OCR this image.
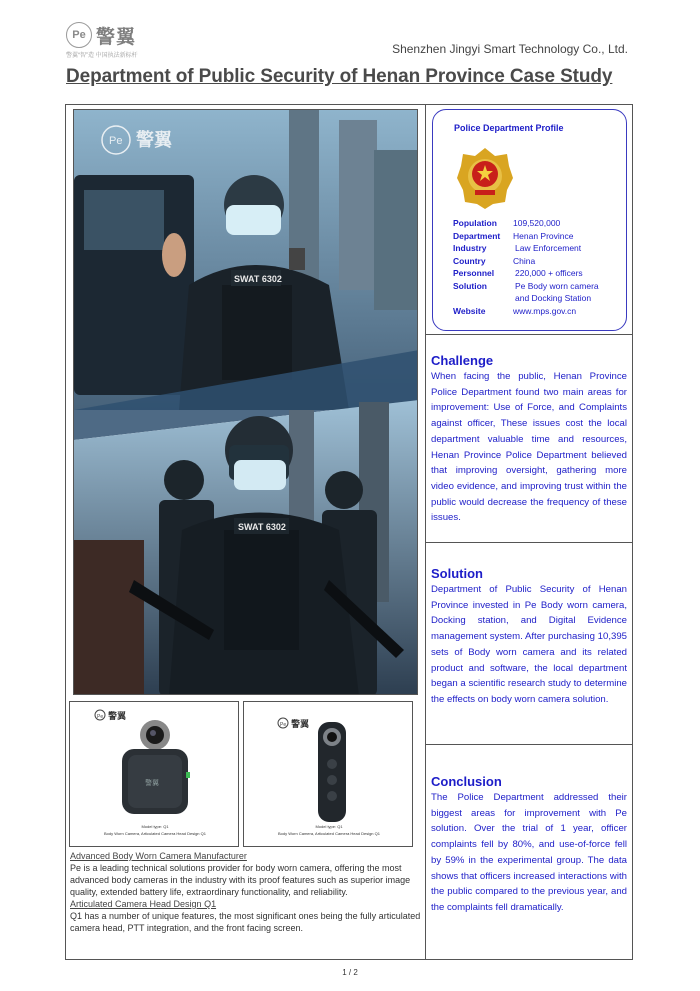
Pe 警翼
警翼“智”造 中国执法新标杆	Shenzhen Jingyi Smart Technology Co., Ltd.
Department of Public Security of Henan Province Case Study
SWAT 6302
Pe 警翼
SWAT 6302
Pe 警翼
警翼
Model type: Q1
Body Worn Camera, Articulated Camera Head Design Q1
Pe 警翼
Model type: Q1
Body Worn Camera, Articulated Camera Head Design Q1
Advanced Body Worn Camera Manufacturer
Pe is a leading technical solutions provider for body worn camera, offering the most advanced body cameras in the industry with its proof features such as superior image quality, extended battery life, extraordinary functionality, and reliability.
Articulated Camera Head Design Q1
Q1 has a number of unique features, the most significant ones being the fully articulated camera head, PTT integration, and the front facing screen.
Police Department Profile
Population 109,520,000
Department Henan Province
Industry	Law Enforcement
Country	China
Personnel 220,000 + officers
Solution	Pe Body worn camera
and Docking Station
Website	www.mps.gov.cn
Challenge

When facing the public, Henan Province Police Department found two main areas for improvement: Use of Force, and Complaints against officer, These issues cost the local department valuable time and resources, Henan Province Police Department believed that improving oversight, gathering more video evidence, and improving trust within the public would decrease the frequency of these issues.

Solution

Department of Public Security of Henan Province invested in Pe Body worn camera, Docking station, and Digital Evidence management system. After purchasing 10,395 sets of Body worn camera and its related product and software, the local department began a scientific research study to determine the effects on body worn camera solution.

Conclusion

The Police Department addressed their biggest areas for improvement with Pe solution. Over the trial of 1 year, officer complaints fell by 80%, and use-of-force fell by 59% in the experimental group. The data shows that officers increased interactions with the public compared to the previous year, and the complaints fell dramatically.

1 / 2
